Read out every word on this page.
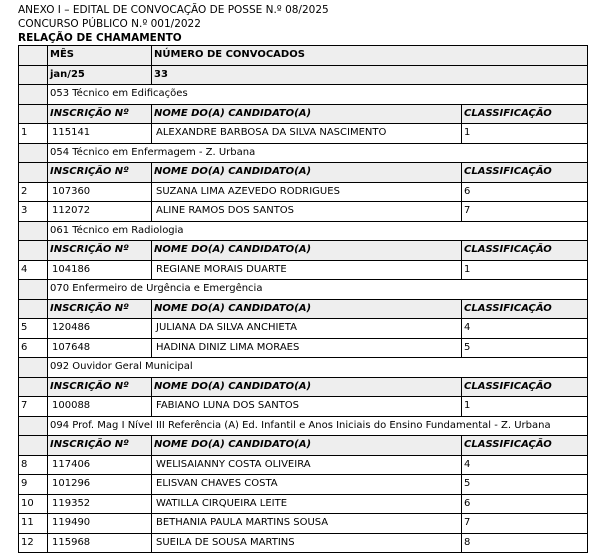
ANEXO I – EDITAL DE CONVOCAÇÃO DE POSSE N.º 08/2025
CONCURSO PÚBLICO N.º 001/2022
RELAÇÃO DE CHAMAMENTO
	MÊS	NÚMERO DE CONVOCADOS	
	jan/25	33	
	053 Técnico em Edificações		
	INSCRIÇÃO Nº	NOME DO(A) CANDIDATO(A)	CLASSIFICAÇÃO
1	115141	ALEXANDRE BARBOSA DA SILVA NASCIMENTO	1
	054 Técnico em Enfermagem - Z. Urbana		
	INSCRIÇÃO Nº	NOME DO(A) CANDIDATO(A)	CLASSIFICAÇÃO
2	107360	SUZANA LIMA AZEVEDO RODRIGUES	6
3	112072	ALINE RAMOS DOS SANTOS	7
	061 Técnico em Radiologia		
	INSCRIÇÃO Nº	NOME DO(A) CANDIDATO(A)	CLASSIFICAÇÃO
4	104186	REGIANE MORAIS DUARTE	1
	070 Enfermeiro de Urgência e Emergência		
	INSCRIÇÃO Nº	NOME DO(A) CANDIDATO(A)	CLASSIFICAÇÃO
5	120486	JULIANA DA SILVA ANCHIETA	4
6	107648	HADINA DINIZ LIMA MORAES	5
	092 Ouvidor Geral Municipal		
	INSCRIÇÃO Nº	NOME DO(A) CANDIDATO(A)	CLASSIFICAÇÃO
7	100088	FABIANO LUNA DOS SANTOS	1
	094 Prof. Mag I Nível III Referência (A) Ed. Infantil e Anos Iniciais do Ensino Fundamental - Z. Urbana		
	INSCRIÇÃO Nº	NOME DO(A) CANDIDATO(A)	CLASSIFICAÇÃO
8	117406	WELISAIANNY COSTA OLIVEIRA	4
9	101296	ELISVAN CHAVES COSTA	5
10	119352	WATILLA CIRQUEIRA LEITE	6
11	119490	BETHANIA PAULA MARTINS SOUSA	7
12	115968	SUEILA DE SOUSA MARTINS	8
